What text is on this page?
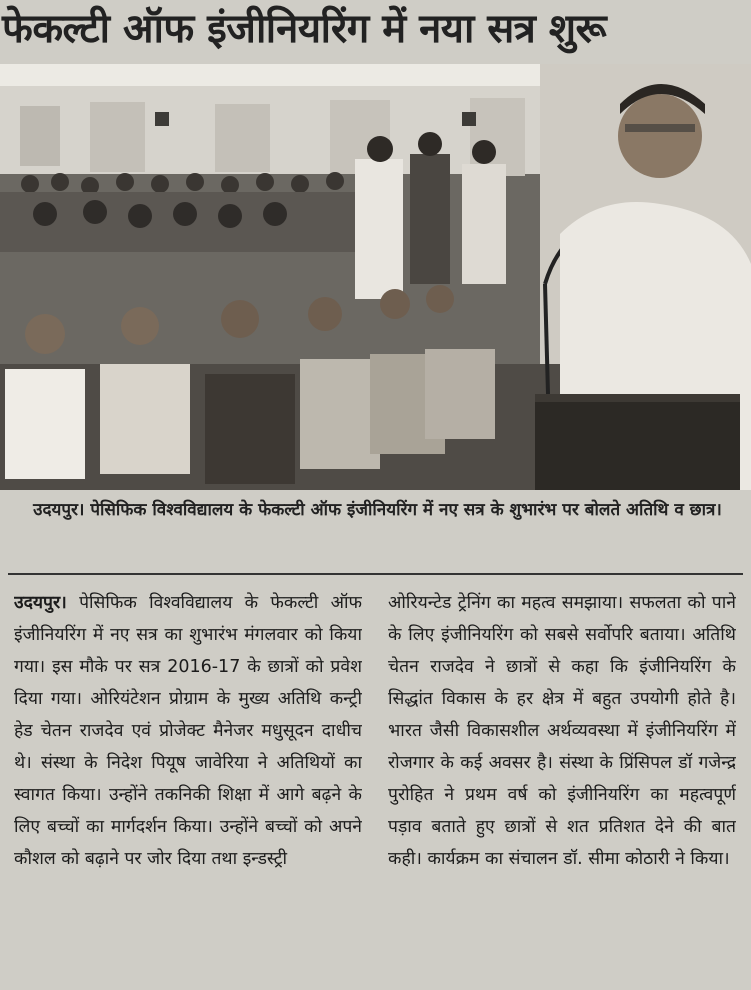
फेकल्टी ऑफ इंजीनियरिंग में नया सत्र शुरू
उदयपुर। पेसिफिक विश्वविद्यालय के फेकल्टी ऑफ इंजीनियरिंग में नए सत्र के शुभारंभ पर बोलते अतिथि व छात्र।

उदयपुर। पेसिफिक विश्वविद्यालय के फेकल्टी ऑफ इंजीनियरिंग में नए सत्र का शुभारंभ मंगलवार को किया गया। इस मौके पर सत्र 2016-17 के छात्रों को प्रवेश दिया गया। ओरियंटेशन प्रोग्राम के मुख्य अतिथि कन्ट्री हेड चेतन राजदेव एवं प्रोजेक्ट मैनेजर मधुसूदन दाधीच थे। संस्था के निदेश पियूष जावेरिया ने अतिथियों का स्वागत किया। उन्होंने तकनिकी शिक्षा में आगे बढ़ने के लिए बच्चों का मार्गदर्शन किया। उन्होंने बच्चों को अपने कौशल को बढ़ाने पर जोर दिया तथा इन्डस्ट्री

ओरियन्टेड ट्रेनिंग का महत्व समझाया। सफलता को पाने के लिए इंजीनियरिंग को सबसे सर्वोपरि बताया। अतिथि चेतन राजदेव ने छात्रों से कहा कि इंजीनियरिंग के सिद्धांत विकास के हर क्षेत्र में बहुत उपयोगी होते है। भारत जैसी विकासशील अर्थव्यवस्था में इंजीनियरिंग में रोजगार के कई अवसर है। संस्था के प्रिंसिपल डॉ गजेन्द्र पुरोहित ने प्रथम वर्ष को इंजीनियरिंग का महत्वपूर्ण पड़ाव बताते हुए छात्रों से शत प्रतिशत देने की बात कही। कार्यक्रम का संचालन डॉ. सीमा कोठारी ने किया।
